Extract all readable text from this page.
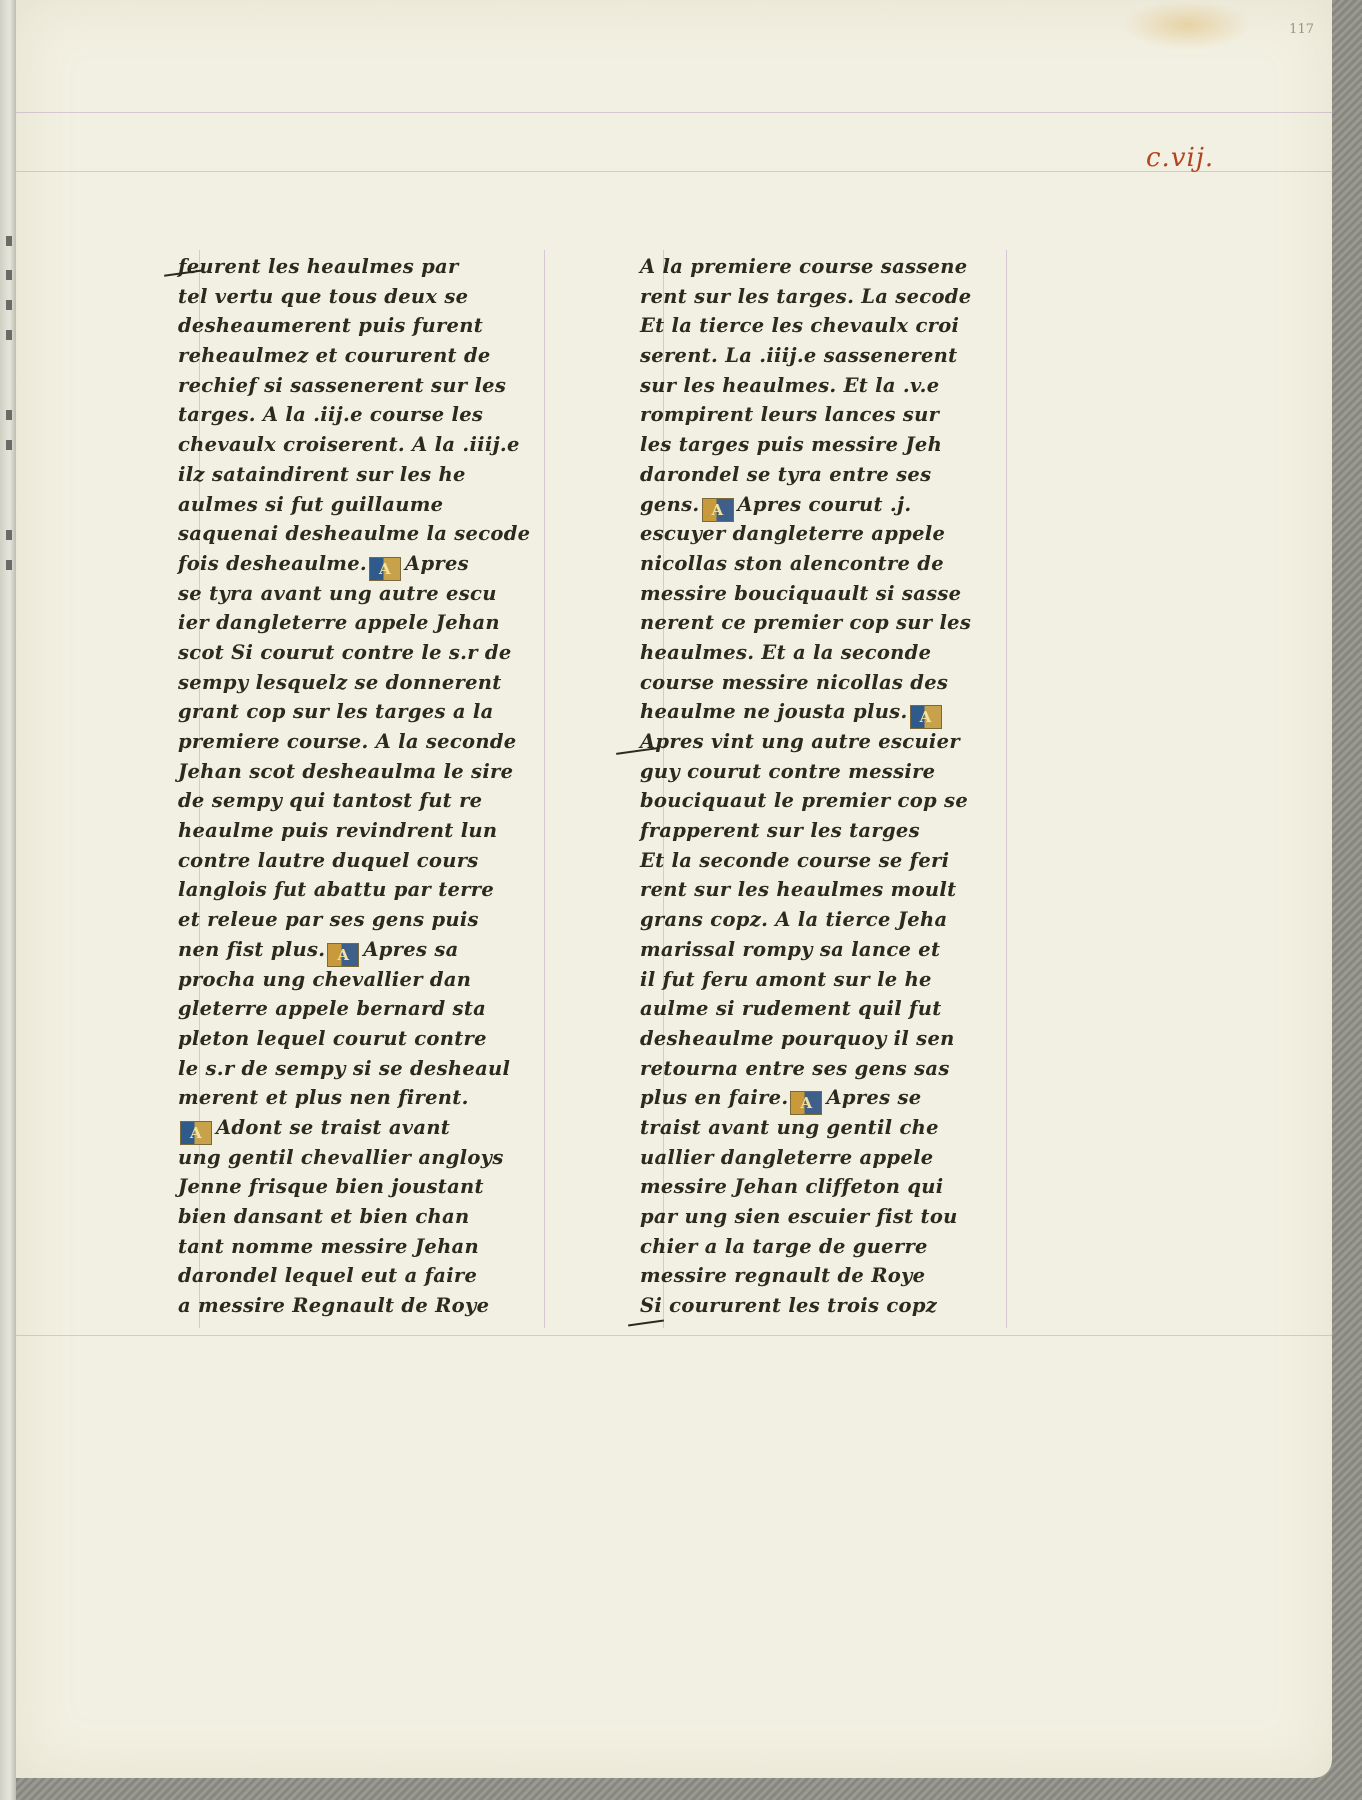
117
c.vij.
feurent les heaulmes par
tel vertu que tous deux se
desheaumerent puis furent
reheaulmez et coururent de
rechief si sassenerent sur les
targes. A la .iij.e course les
chevaulx croiserent. A la .iiij.e
ilz sataindirent sur les he
aulmes si fut guillaume
saquenai desheaulme la secode
fois desheaulme. A Apres
se tyra avant ung autre escu
ier dangleterre appele Jehan
scot Si courut contre le s.r de
sempy lesquelz se donnerent
grant cop sur les targes a la
premiere course. A la seconde
Jehan scot desheaulma le sire
de sempy qui tantost fut re
heaulme puis revindrent lun
contre lautre duquel cours
langlois fut abattu par terre
et releue par ses gens puis
nen fist plus. A Apres sa
procha ung chevallier dan
gleterre appele bernard sta
pleton lequel courut contre
le s.r de sempy si se desheaul
merent et plus nen firent.
A Adont se traist avant
ung gentil chevallier angloys
Jenne frisque bien joustant
bien dansant et bien chan
tant nomme messire Jehan
darondel lequel eut a faire
a messire Regnault de Roye
A la premiere course sassene
rent sur les targes. La secode
Et la tierce les chevaulx croi
serent. La .iiij.e sassenerent
sur les heaulmes. Et la .v.e
rompirent leurs lances sur
les targes puis messire Jeh
darondel se tyra entre ses
gens. A Apres courut .j.
escuyer dangleterre appele
nicollas ston alencontre de
messire bouciquault si sasse
nerent ce premier cop sur les
heaulmes. Et a la seconde
course messire nicollas des
heaulme ne jousta plus. A
Apres vint ung autre escuier
guy courut contre messire
bouciquaut le premier cop se
frapperent sur les targes
Et la seconde course se feri
rent sur les heaulmes moult
grans copz. A la tierce Jeha
marissal rompy sa lance et
il fut feru amont sur le he
aulme si rudement quil fut
desheaulme pourquoy il sen
retourna entre ses gens sas
plus en faire. A Apres se
traist avant ung gentil che
uallier dangleterre appele
messire Jehan cliffeton qui
par ung sien escuier fist tou
chier a la targe de guerre
messire regnault de Roye
Si coururent les trois copz
